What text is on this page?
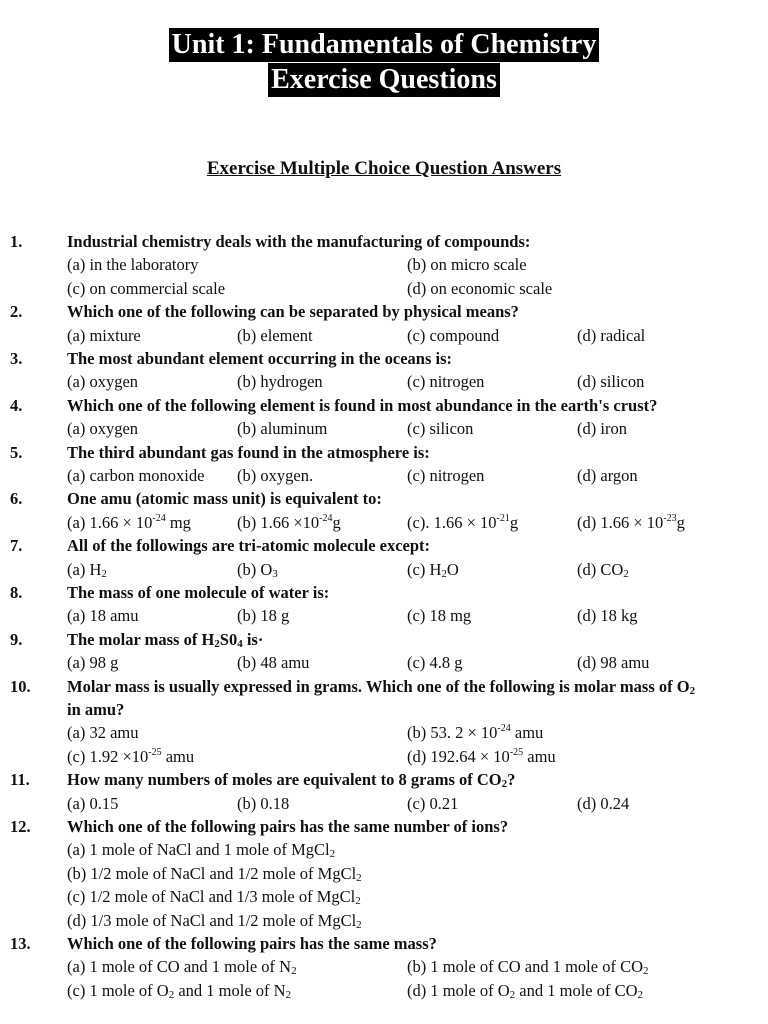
Unit 1: Fundamentals of Chemistry
Exercise Questions
Exercise Multiple Choice Question Answers
1.	Industrial chemistry deals with the manufacturing of compounds:
(a) in the laboratory	(b) on micro scale
(c) on commercial scale	(d) on economic scale
2.	Which one of the following can be separated by physical means?
(a) mixture	(b) element	(c) compound	(d) radical
3.	The most abundant element occurring in the oceans is:
(a) oxygen	(b) hydrogen	(c) nitrogen	(d) silicon
4.	Which one of the following element is found in most abundance in the earth's crust?
(a) oxygen	(b) aluminum	(c) silicon	(d) iron
5.	The third abundant gas found in the atmosphere is:
(a) carbon monoxide (b) oxygen.	(c) nitrogen	(d) argon
6.	One amu (atomic mass unit) is equivalent to:
(a) $1.66 \times 10^{-24}$ mg	(b) $1.66 \times 10^{-24}g$	(c). $1.66 \times 10^{-21}g$	(d) $1.66 \times 10^{-23}g$
7.	All of the followings are tri-atomic molecule except:
(a) $H_2$	(b) $O_3$	(c) $H_2O$	(d) $CO_2$
8.	The mass of one molecule of water is:
(a) 18 amu	(b) 18 g	(c) 18 mg	(d) 18 kg
9.	The molar mass of $H_2S0_4$ is·
(a) 98 g	(b) 48 amu	(c) 4.8 g	(d) 98 amu
10.	Molar mass is usually expressed in grams. Which one of the following is molar mass of $O_2$ in amu?
(a) 32 amu	(b) 53. $2 \times 10^{-24}$ amu
(c) $1.92 \times 10^{-25}$ amu	(d) $192.64 \times 10^{-25}$ amu
11.	How many numbers of moles are equivalent to 8 grams of $CO_2$?
(a) 0.15	(b) 0.18	(c) 0.21	(d) 0.24
12.	Which one of the following pairs has the same number of ions?
(a) 1 mole of NaCl and 1 mole of MgCl$_2$
(b) 1/2 mole of NaCl and 1/2 mole of MgCl$_2$
(c) 1/2 mole of NaCl and 1/3 mole of MgCl$_2$
(d) 1/3 mole of NaCl and 1/2 mole of MgCl$_2$
13.	Which one of the following pairs has the same mass?
(a) 1 mole of CO and 1 mole of $N_2$	(b) 1 mole of CO and 1 mole of $CO_2$
(c) 1 mole of $O_2$ and 1 mole of $N_2$	(d) 1 mole of $O_2$ and 1 mole of $CO_2$
